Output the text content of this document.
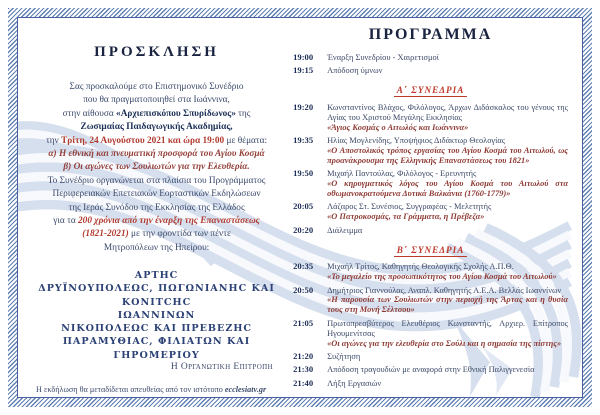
ΠΡΟΣΚΛΗΣΗ
Σας προσκαλούμε στο Επιστημονικό Συνέδριο
που θα πραγματοποιηθεί στα Ιωάννινα,
στην αίθουσα «Αρχιεπισκόπου Σπυρίδωνος» της
Ζωσιμαίας Παιδαγωγικής Ακαδημίας,
την Τρίτη, 24 Αυγούστου 2021 και ώρα 19:00 με θέματα:
α) Η εθνική και πνευματική προσφορά του Αγίου Κοσμά
β) Οι αγώνες των Σουλιωτών για την Ελευθερία.
Το Συνέδριο οργανώνεται στα πλαίσια του Προγράμματος
Περιφερειακών Επετειακών Εορταστικών Εκδηλώσεων
της Ιεράς Συνόδου της Εκκλησίας της Ελλάδος
για τα 200 χρόνια από την έναρξη της Επαναστάσεως
(1821-2021) με την φροντίδα των πέντε
Μητροπόλεων της Ηπείρου:
ΑΡΤΗC
ΔΡΥΪΝΟΥΠΟΛΕΩC, ΠΩΓΩΝΙΑΝΗC ΚΑΙ ΚΟΝΙΤCΗC
ΙΩΑΝΝΙΝΩΝ
ΝΙΚΟΠΟΛΕΩC ΚΑΙ ΠΡΕΒΕΖΗC
ΠΑΡΑΜΥΘΙΑC, ΦΙΛΙΑΤΩΝ ΚΑΙ ΓΗΡΟΜΕΡΙΟΥ
Η Οργανωτικη Επιτροπη
Η εκδήλωση θα μεταδίδεται απευθείας από τον ιστότοπο ecclesiatv.gr
ΠΡΟΓΡΑΜΜΑ
19:00	Έναρξη Συνεδρίου - Χαιρετισμοί
19:15	Απόδοση ύμνων
Α΄ ΣΥΝΕΔΡΙΑ
19:20	Κωνσταντίνος Βλάχος, Φιλόλογος, Άρχων Διδάσκαλος του γένους της Αγίας του Χριστού Μεγάλης Εκκλησίας
«Άγιος Κοσμάς ο Αιτωλός και Ιωάννινα»
19:35	Ηλίας Μογλενίδης, Υποψήφιος Διδάκτωρ Θεολογίας
«Ο Αποστολικός τρόπος εργασίας του Αγίου Κοσμά του Αιτωλού, ως προανάκρουσμα της Ελληνικής Επαναστάσεως του 1821»
19:50	Μιχαήλ Παντούλας, Φιλόλογος - Ερευνητής
«Ο κηρυγματικός λόγος του Αγίου Κοσμά του Αιτωλού στα οθωμανοκρατούμενα Δυτικά Βαλκάνια (1760-1779)»
20:05	Λάζαρος Στ. Συνέσιος, Συγγραφέας - Μελετητής
«Ο Πατροκοσμάς, τα Γράμματα, η Πρέβεζα»
20:20	Διάλειμμα
Β΄ ΣΥΝΕΔΡΙΑ
20:35	Μιχαήλ Τρίτος, Καθηγητής Θεολογικής Σχολής Α.Π.Θ.
«Το μεγαλείο της προσωπικότητος του Αγίου Κοσμά του Αιτωλού»
20:50	Δημήτριος Γιαννούλας, Αναπλ. Καθηγητής Α.Ε.Α. Βελλάς Ιωαννίνων
«Η παρουσία των Σουλιωτών στην περιοχή της Άρτας και η θυσία τους στη Μονή Σέλτσου»
21:05	Πρωτοπρεσβύτερος Ελευθέριος Κωνσταντής, Αρχιερ. Επίτροπος Ηγουμενίτσας
«Οι αγώνες για την ελευθερία στο Σούλι και η σημασία της πίστης»
21:20	Συζήτηση
21:30	Απόδοση τραγουδιών με αναφορά στην Εθνική Παλιγγενεσία
21:40	Λήξη Εργασιών
